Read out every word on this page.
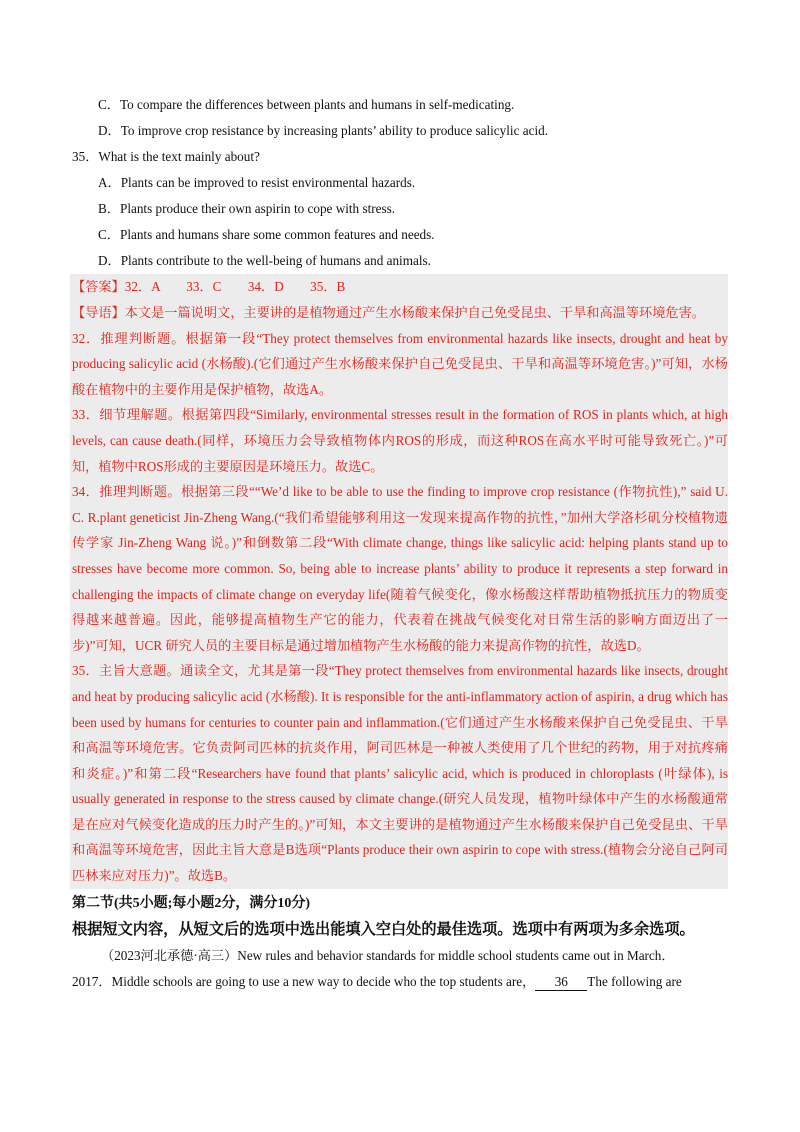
C．To compare the differences between plants and humans in self-medicating.
D．To improve crop resistance by increasing plants’ ability to produce salicylic acid.
35．What is the text mainly about?
A．Plants can be improved to resist environmental hazards.
B．Plants produce their own aspirin to cope with stress.
C．Plants and humans share some common features and needs.
D．Plants contribute to the well-being of humans and animals.
【答案】32．A　　33．C　　34．D　　35．B
【导语】本文是一篇说明文，主要讲的是植物通过产生水杨酸来保护自己免受昆虫、干旱和高温等环境危害。
32．推理判断题。根据第一段“They protect themselves from environmental hazards like insects, drought and heat by producing salicylic acid (水杨酸).(它们通过产生水杨酸来保护自己免受昆虫、干旱和高温等环境危害。)”可知，水杨酸在植物中的主要作用是保护植物，故选A。
33．细节理解题。根据第四段“Similarly, environmental stresses result in the formation of ROS in plants which, at high levels, can cause death.(同样，环境压力会导致植物体内ROS的形成，而这种ROS在高水平时可能导致死亡。)”可知，植物中ROS形成的主要原因是环境压力。故选C。
34．推理判断题。根据第三段““We’d like to be able to use the finding to improve crop resistance (作物抗性),” said U. C. R.plant geneticist Jin-Zheng Wang.(“我们希望能够利用这一发现来提高作物的抗性，”加州大学洛杉矶分校植物遗传学家 Jin-Zheng Wang 说。)”和倒数第二段“With climate change, things like salicylic acid: helping plants stand up to stresses have become more common. So, being able to increase plants’ ability to produce it represents a step forward in challenging the impacts of climate change on everyday life(随着气候变化，像水杨酸这样帮助植物抵抗压力的物质变得越来越普遍。因此，能够提高植物生产它的能力，代表着在挑战气候变化对日常生活的影响方面迈出了一步)”可知，UCR 研究人员的主要目标是通过增加植物产生水杨酸的能力来提高作物的抗性，故选D。
35．主旨大意题。通读全文，尤其是第一段“They protect themselves from environmental hazards like insects, drought and heat by producing salicylic acid (水杨酸). It is responsible for the anti-inflammatory action of aspirin, a drug which has been used by humans for centuries to counter pain and inflammation.(它们通过产生水杨酸来保护自己免受昆虫、干旱和高温等环境危害。它负责阿司匹林的抗炎作用，阿司匹林是一种被人类使用了几个世纪的药物，用于对抗疼痛和炎症。)”和第二段“Researchers have found that plants’ salicylic acid, which is produced in chloroplasts (叶绿体), is usually generated in response to the stress caused by climate change.(研究人员发现，植物叶绿体中产生的水杨酸通常是在应对气候变化造成的压力时产生的。)”可知，本文主要讲的是植物通过产生水杨酸来保护自己免受昆虫、干旱和高温等环境危害，因此主旨大意是B选项“Plants produce their own aspirin to cope with stress.(植物会分泌自己阿司匹林来应对压力)”。故选B。
第二节(共5小题;每小题2分，满分10分)
根据短文内容，从短文后的选项中选出能填入空白处的最佳选项。选项中有两项为多余选项。
（2023河北承德·高三）New rules and behavior standards for middle school students came out in March．
2017．Middle schools are going to use a new way to decide who the top students are， 36 The following are
